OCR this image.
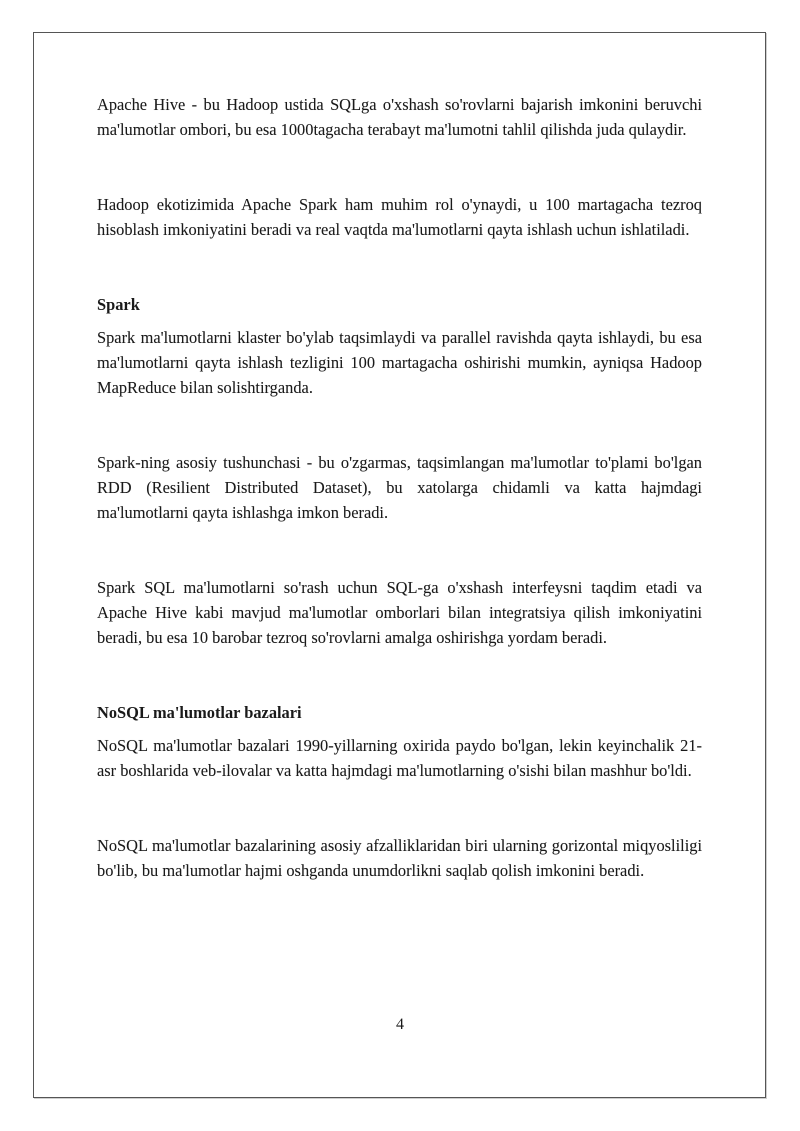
Apache Hive - bu Hadoop ustida SQLga o'xshash so'rovlarni bajarish imkonini beruvchi ma'lumotlar ombori, bu esa 1000tagacha terabayt ma'lumotni tahlil qilishda juda qulaydir.

Hadoop ekotizimida Apache Spark ham muhim rol o'ynaydi, u 100 martagacha tezroq hisoblash imkoniyatini beradi va real vaqtda ma'lumotlarni qayta ishlash uchun ishlatiladi.

Spark

Spark ma'lumotlarni klaster bo'ylab taqsimlaydi va parallel ravishda qayta ishlaydi, bu esa ma'lumotlarni qayta ishlash tezligini 100 martagacha oshirishi mumkin, ayniqsa Hadoop MapReduce bilan solishtirganda.

Spark-ning asosiy tushunchasi - bu o'zgarmas, taqsimlangan ma'lumotlar to'plami bo'lgan RDD (Resilient Distributed Dataset), bu xatolarga chidamli va katta hajmdagi ma'lumotlarni qayta ishlashga imkon beradi.

Spark SQL ma'lumotlarni so'rash uchun SQL-ga o'xshash interfeysni taqdim etadi va Apache Hive kabi mavjud ma'lumotlar omborlari bilan integratsiya qilish imkoniyatini beradi, bu esa 10 barobar tezroq so'rovlarni amalga oshirishga yordam beradi.

NoSQL ma'lumotlar bazalari

NoSQL ma'lumotlar bazalari 1990-yillarning oxirida paydo bo'lgan, lekin keyinchalik 21-asr boshlarida veb-ilovalar va katta hajmdagi ma'lumotlarning o'sishi bilan mashhur bo'ldi.

NoSQL ma'lumotlar bazalarining asosiy afzalliklaridan biri ularning gorizontal miqyosliligi bo'lib, bu ma'lumotlar hajmi oshganda unumdorlikni saqlab qolish imkonini beradi.

4
